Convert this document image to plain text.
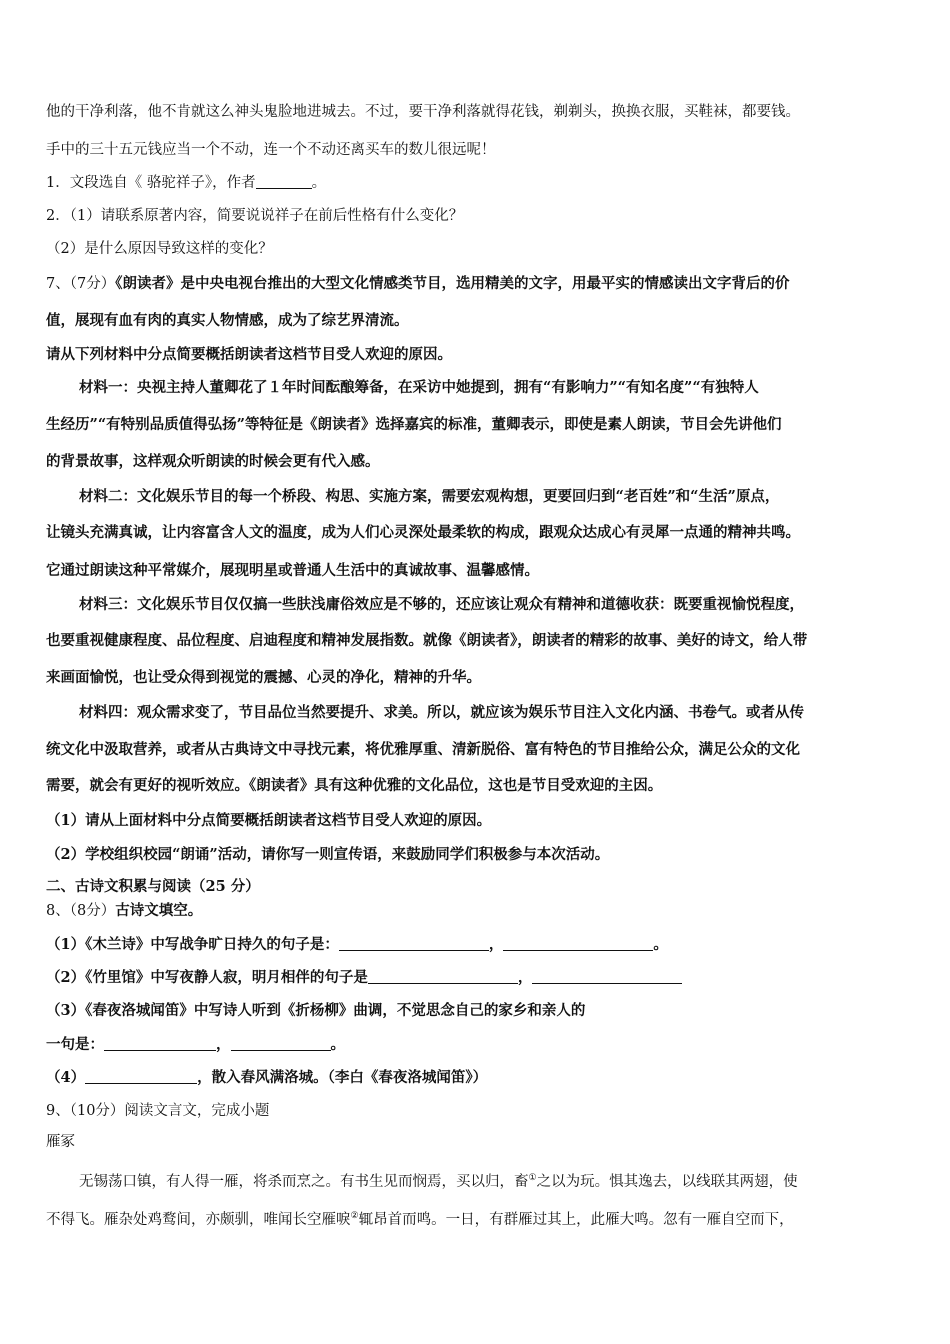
他的干净利落，他不肯就这么神头鬼脸地进城去。不过，要干净利落就得花钱，剃剃头，换换衣服，买鞋袜，都要钱。
手中的三十五元钱应当一个不动，连一个不动还离买车的数儿很远呢！
1．文段选自《 骆驼祥子》，作者	。
2．（1）请联系原著内容，简要说说祥子在前后性格有什么变化？
（2）是什么原因导致这样的变化？
7、（7分）《朗读者》是中央电视台推出的大型文化情感类节目，选用精美的文字，用最平实的情感读出文字背后的价
值，展现有血有肉的真实人物情感，成为了综艺界清流。
请从下列材料中分点简要概括朗读者这档节目受人欢迎的原因。
材料一：央视主持人董卿花了１年时间酝酿筹备，在采访中她提到，拥有“有影响力”“有知名度”“有独特人
生经历”“有特别品质值得弘扬”等特征是《朗读者》选择嘉宾的标准，董卿表示，即使是素人朗读，节目会先讲他们
的背景故事，这样观众听朗读的时候会更有代入感。
材料二：文化娱乐节目的每一个桥段、构思、实施方案，需要宏观构想，更要回归到“老百姓”和“生活”原点，
让镜头充满真诚，让内容富含人文的温度，成为人们心灵深处最柔软的构成，跟观众达成心有灵犀一点通的精神共鸣。
它通过朗读这种平常媒介，展现明星或普通人生活中的真诚故事、温馨感情。
材料三：文化娱乐节目仅仅搞一些肤浅庸俗效应是不够的，还应该让观众有精神和道德收获：既要重视愉悦程度，
也要重视健康程度、品位程度、启迪程度和精神发展指数。就像《朗读者》，朗读者的精彩的故事、美好的诗文，给人带
来画面愉悦，也让受众得到视觉的震撼、心灵的净化，精神的升华。
材料四：观众需求变了，节目品位当然要提升、求美。所以，就应该为娱乐节目注入文化内涵、书卷气。或者从传
统文化中汲取营养，或者从古典诗文中寻找元素，将优雅厚重、清新脱俗、富有特色的节目推给公众，满足公众的文化
需要，就会有更好的视听效应。《朗读者》具有这种优雅的文化品位，这也是节目受欢迎的主因。
（1）请从上面材料中分点简要概括朗读者这档节目受人欢迎的原因。
（2）学校组织校园“朗诵”活动，请你写一则宣传语，来鼓励同学们积极参与本次活动。
二、古诗文积累与阅读（25 分）
8、（8分）古诗文填空。
（1）《木兰诗》中写战争旷日持久的句子是：	，	。
（2）《竹里馆》中写夜静人寂，明月相伴的句子是	，
（3）《春夜洛城闻笛》中写诗人听到《折杨柳》曲调，不觉思念自己的家乡和亲人的
一句是：	，	。
（4）	，散入春风满洛城。（李白《春夜洛城闻笛》）
9、（10分）阅读文言文，完成小题
雁冢
无锡荡口镇，有人得一雁，将杀而烹之。有书生见而悯焉，买以归，畜①之以为玩。惧其逸去，以线联其两翅，使
不得飞。雁杂处鸡鹜间，亦颇驯，唯闻长空雁唳②辄昂首而鸣。一日，有群雁过其上，此雁大鸣。忽有一雁自空而下，
